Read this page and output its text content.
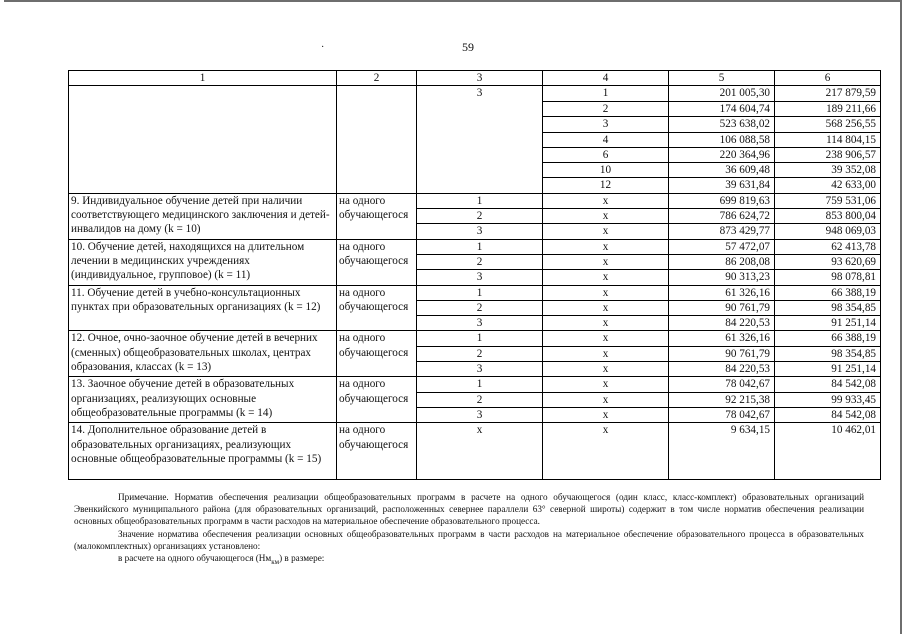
·	59
1	2	3	4	5	6
		3	1	201 005,30	217 879,59
			2	174 604,74	189 211,66
			3	523 638,02	568 256,55
			4	106 088,58	114 804,15
			6	220 364,96	238 906,57
			10	36 609,48	39 352,08
			12	39 631,84	42 633,00
9. Индивидуальное обучение детей при наличии соответствующего медицинского заключения и детей-инвалидов на дому (k = 10)	на одного обучающегося	1	х	699 819,63	759 531,06
		2	х	786 624,72	853 800,04
		3	х	873 429,77	948 069,03
10. Обучение детей, находящихся на длительном лечении в медицинских учреждениях (индивидуальное, групповое) (k = 11)	на одного обучающегося	1	х	57 472,07	62 413,78
		2	х	86 208,08	93 620,69
		3	х	90 313,23	98 078,81
11. Обучение детей в учебно-консультационных пунктах при образовательных организациях (k = 12)	на одного обучающегося	1	х	61 326,16	66 388,19
		2	х	90 761,79	98 354,85
		3	х	84 220,53	91 251,14
12. Очное, очно-заочное обучение детей в вечерних (сменных) общеобразовательных школах, центрах образования, классах (k = 13)	на одного обучающегося	1	х	61 326,16	66 388,19
		2	х	90 761,79	98 354,85
		3	х	84 220,53	91 251,14
13. Заочное обучение детей в образовательных организациях, реализующих основные общеобразовательные программы (k = 14)	на одного обучающегося	1	х	78 042,67	84 542,08
		2	х	92 215,38	99 933,45
		3	х	78 042,67	84 542,08
14. Дополнительное образование детей в образовательных организациях, реализующих основные общеобразовательные программы (k = 15)	на одного обучающегося	х	х	9 634,15	10 462,01

Примечание. Норматив обеспечения реализации общеобразовательных программ в расчете на одного обучающегося (один класс, класс-комплект) образовательных организаций Эвенкийского муниципального района (для образовательных организаций, расположенных севернее параллели 63° северной широты) содержит в том числе норматив обеспечения реализации основных общеобразовательных программ в части расходов на материальное обеспечение образовательного процесса.

Значение норматива обеспечения реализации основных общеобразовательных программ в части расходов на материальное обеспечение образовательного процесса в образовательных (малокомплектных) организациях установлено:

в расчете на одного обучающегося $(Нм_{км})$ в размере:
